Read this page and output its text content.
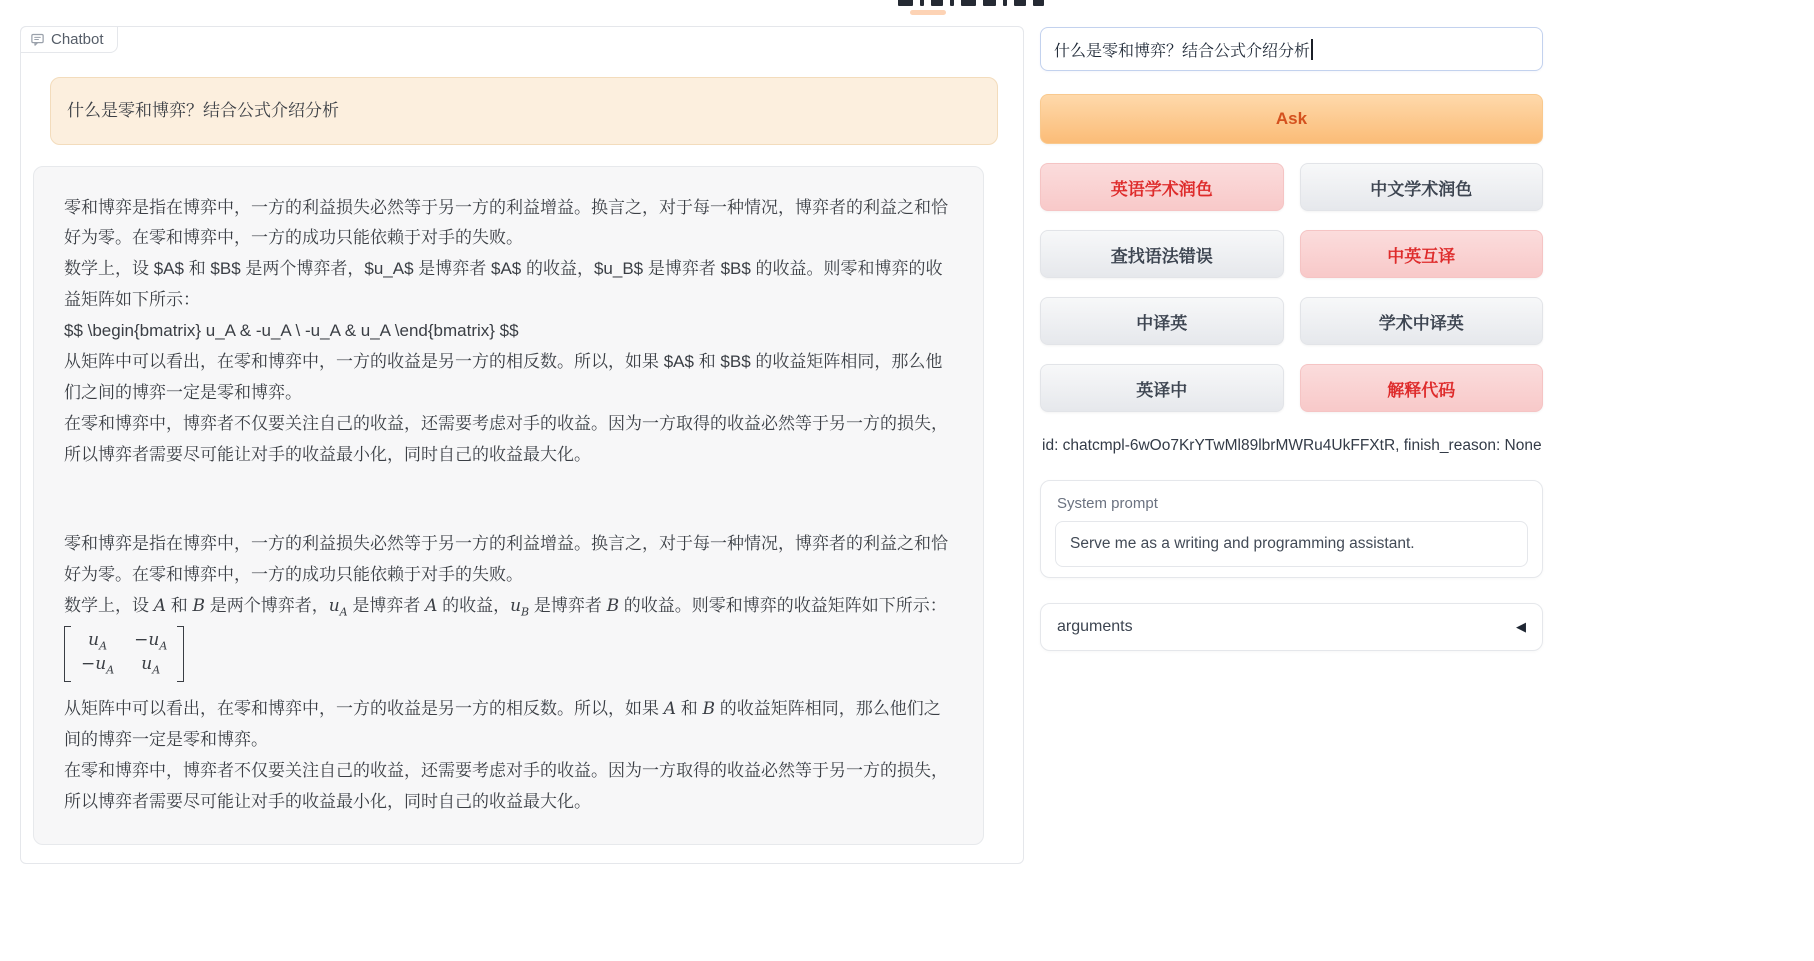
Chatbot
什么是零和博弈？结合公式介绍分析
零和博弈是指在博弈中，一方的利益损失必然等于另一方的利益增益。换言之，对于每一种情况，博弈者的利益之和恰好为零。在零和博弈中，一方的成功只能依赖于对手的失败。
数学上，设 $A$ 和 $B$ 是两个博弈者，$u_A$ 是博弈者 $A$ 的收益，$u_B$ 是博弈者 $B$ 的收益。则零和博弈的收益矩阵如下所示：
$$ \begin{bmatrix} u_A & -u_A \ -u_A & u_A \end{bmatrix} $$
从矩阵中可以看出，在零和博弈中，一方的收益是另一方的相反数。所以，如果 $A$ 和 $B$ 的收益矩阵相同，那么他们之间的博弈一定是零和博弈。
在零和博弈中，博弈者不仅要关注自己的收益，还需要考虑对手的收益。因为一方取得的收益必然等于另一方的损失，所以博弈者需要尽可能让对手的收益最小化，同时自己的收益最大化。
零和博弈是指在博弈中，一方的利益损失必然等于另一方的利益增益。换言之，对于每一种情况，博弈者的利益之和恰好为零。在零和博弈中，一方的成功只能依赖于对手的失败。
数学上，设 A 和 B 是两个博弈者，$u_A$ 是博弈者 A 的收益，$u_B$ 是博弈者 B 的收益。则零和博弈的收益矩阵如下所示：
$u_A -u_A$
$-u_A$ $u_A$
从矩阵中可以看出，在零和博弈中，一方的收益是另一方的相反数。所以，如果 A 和 B 的收益矩阵相同，那么他们之间的博弈一定是零和博弈。
在零和博弈中，博弈者不仅要关注自己的收益，还需要考虑对手的收益。因为一方取得的收益必然等于另一方的损失，所以博弈者需要尽可能让对手的收益最小化，同时自己的收益最大化。
什么是零和博弈？结合公式介绍分析
Ask
英语学术润色	中文学术润色
查找语法错误	中英互译
中译英	学术中译英
英译中	解释代码
id: chatcmpl-6wOo7KrYTwMl89lbrMWRu4UkFFXtR, finish_reason: None
System prompt
Serve me as a writing and programming assistant.
arguments	◀
